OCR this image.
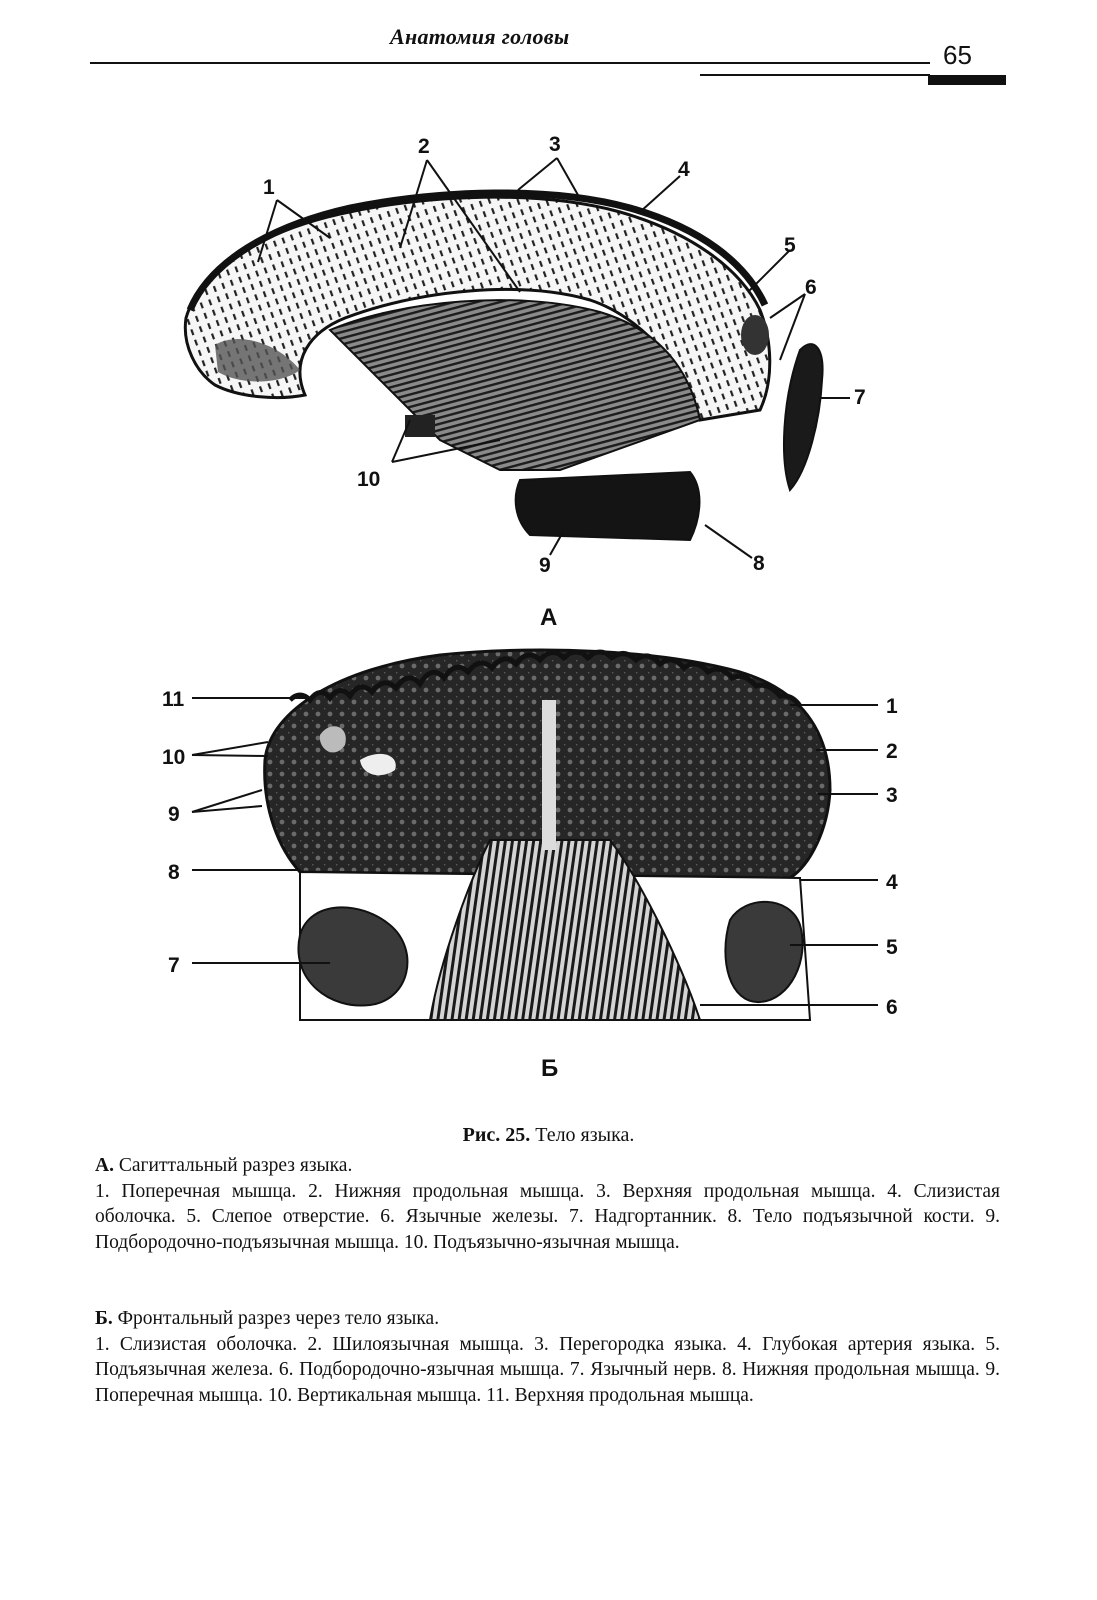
Анатомия головы
65
1
2	3
4
5
6
7
8
9
10
А
11
10
9
8
7
1
2
3
4
5
6
Б
Рис. 25. Тело языка.
А. Сагиттальный разрез языка.
1. Поперечная мышца. 2. Нижняя продольная мышца. 3. Верхняя продольная мышца. 4. Слизистая оболочка. 5. Слепое отверстие. 6. Язычные железы. 7. Надгортанник. 8. Тело подъязычной кости. 9. Подбородочно-подъязычная мышца. 10. Подъязычно-язычная мышца.
Б. Фронтальный разрез через тело языка.
1. Слизистая оболочка. 2. Шилоязычная мышца. 3. Перегородка языка. 4. Глубокая артерия языка. 5. Подъязычная железа. 6. Подбородочно-язычная мышца. 7. Язычный нерв. 8. Нижняя продольная мышца. 9. Поперечная мышца. 10. Вертикальная мышца. 11. Верхняя продольная мышца.
